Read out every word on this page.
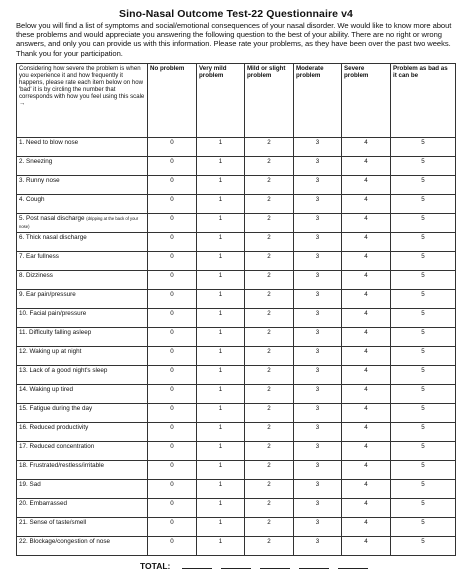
Sino-Nasal Outcome Test-22 Questionnaire v4
Below you will find a list of symptoms and social/emotional consequences of your nasal disorder. We would like to know more about these problems and would appreciate you answering the following question to the best of your ability. There are no right or wrong answers, and only you can provide us with this information. Please rate your problems, as they have been over the past two weeks. Thank you for your participation.
Considering how severe the problem is when you experience it and how frequently it happens, please rate each item below on how 'bad' it is by circling the number that corresponds with how you feel using this scale →	No problem	Very mild problem	Mild or slight problem	Moderate problem	Severe problem	Problem as bad as it can be
1. Need to blow nose	0	1	2	3	4	5
2. Sneezing	0	1	2	3	4	5
3. Runny nose	0	1	2	3	4	5
4. Cough	0	1	2	3	4	5
5. Post nasal discharge (dripping at the back of your nose)	0	1	2	3	4	5
6. Thick nasal discharge	0	1	2	3	4	5
7. Ear fullness	0	1	2	3	4	5
8. Dizziness	0	1	2	3	4	5
9. Ear pain/pressure	0	1	2	3	4	5
10. Facial pain/pressure	0	1	2	3	4	5
11. Difficulty falling asleep	0	1	2	3	4	5
12. Waking up at night	0	1	2	3	4	5
13. Lack of a good night's sleep	0	1	2	3	4	5
14. Waking up tired	0	1	2	3	4	5
15. Fatigue during the day	0	1	2	3	4	5
16. Reduced productivity	0	1	2	3	4	5
17. Reduced concentration	0	1	2	3	4	5
18. Frustrated/restless/irritable	0	1	2	3	4	5
19. Sad	0	1	2	3	4	5
20. Embarrassed	0	1	2	3	4	5
21. Sense of taste/smell	0	1	2	3	4	5
22. Blockage/congestion of nose	0	1	2	3	4	5
TOTAL:
